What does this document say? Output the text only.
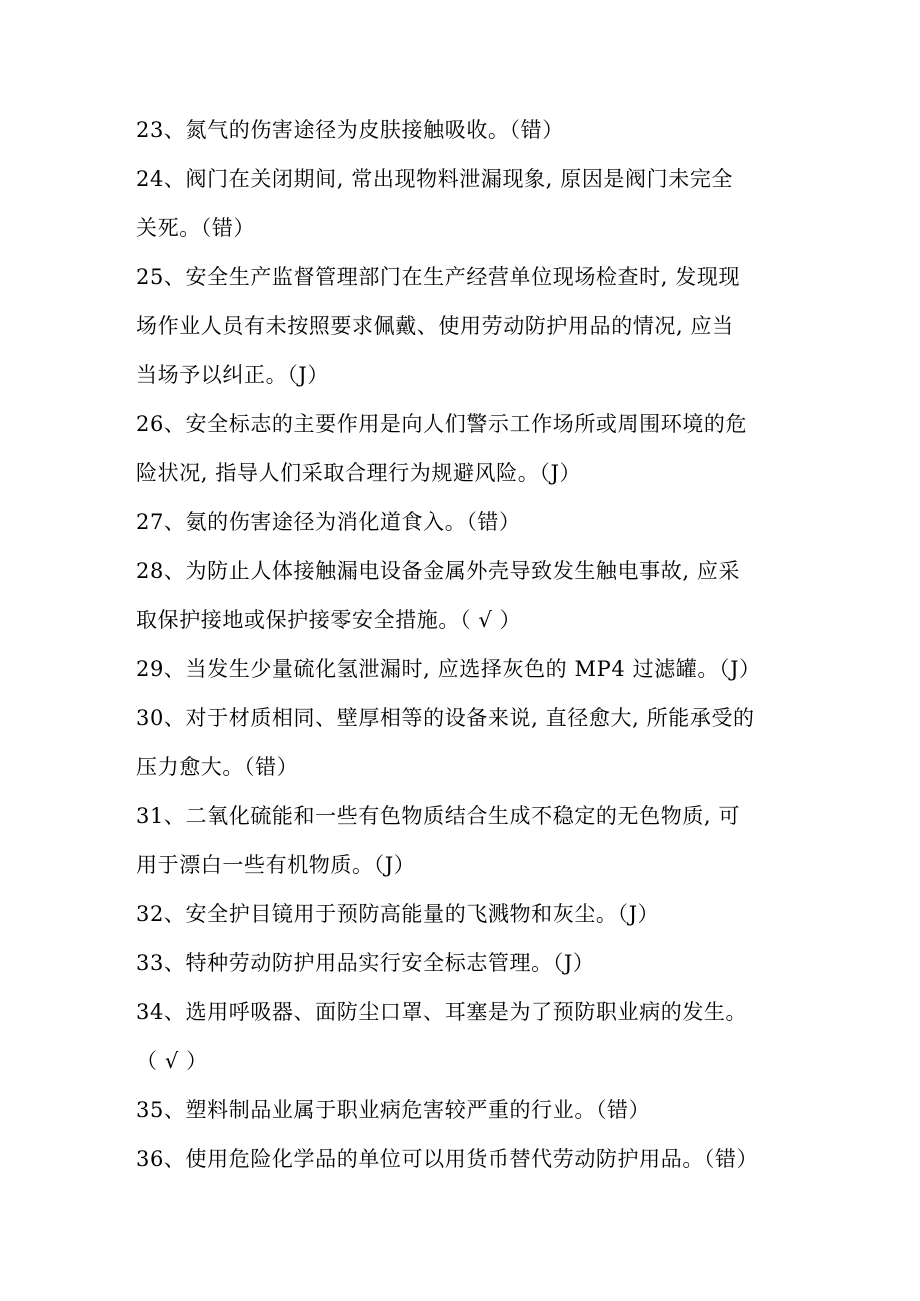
23、氮气的伤害途径为皮肤接触吸收。（错）
24、阀门在关闭期间, 常出现物料泄漏现象, 原因是阀门未完全
关死。（错）
25、安全生产监督管理部门在生产经营单位现场检查时, 发现现
场作业人员有未按照要求佩戴、使用劳动防护用品的情况, 应当
当场予以纠正。（J）
26、安全标志的主要作用是向人们警示工作场所或周围环境的危
险状况, 指导人们采取合理行为规避风险。（J）
27、氨的伤害途径为消化道食入。（错）
28、为防止人体接触漏电设备金属外壳导致发生触电事故, 应采
取保护接地或保护接零安全措施。（ √ ）
29、当发生少量硫化氢泄漏时, 应选择灰色的 MP4 过滤罐。（J）
30、对于材质相同、壁厚相等的设备来说, 直径愈大, 所能承受的
压力愈大。（错）
31、二氧化硫能和一些有色物质结合生成不稳定的无色物质, 可
用于漂白一些有机物质。（J）
32、安全护目镜用于预防高能量的飞溅物和灰尘。（J）
33、特种劳动防护用品实行安全标志管理。（J）
34、选用呼吸器、面防尘口罩、耳塞是为了预防职业病的发生。
（ √ ）
35、塑料制品业属于职业病危害较严重的行业。（错）
36、使用危险化学品的单位可以用货币替代劳动防护用品。（错）
